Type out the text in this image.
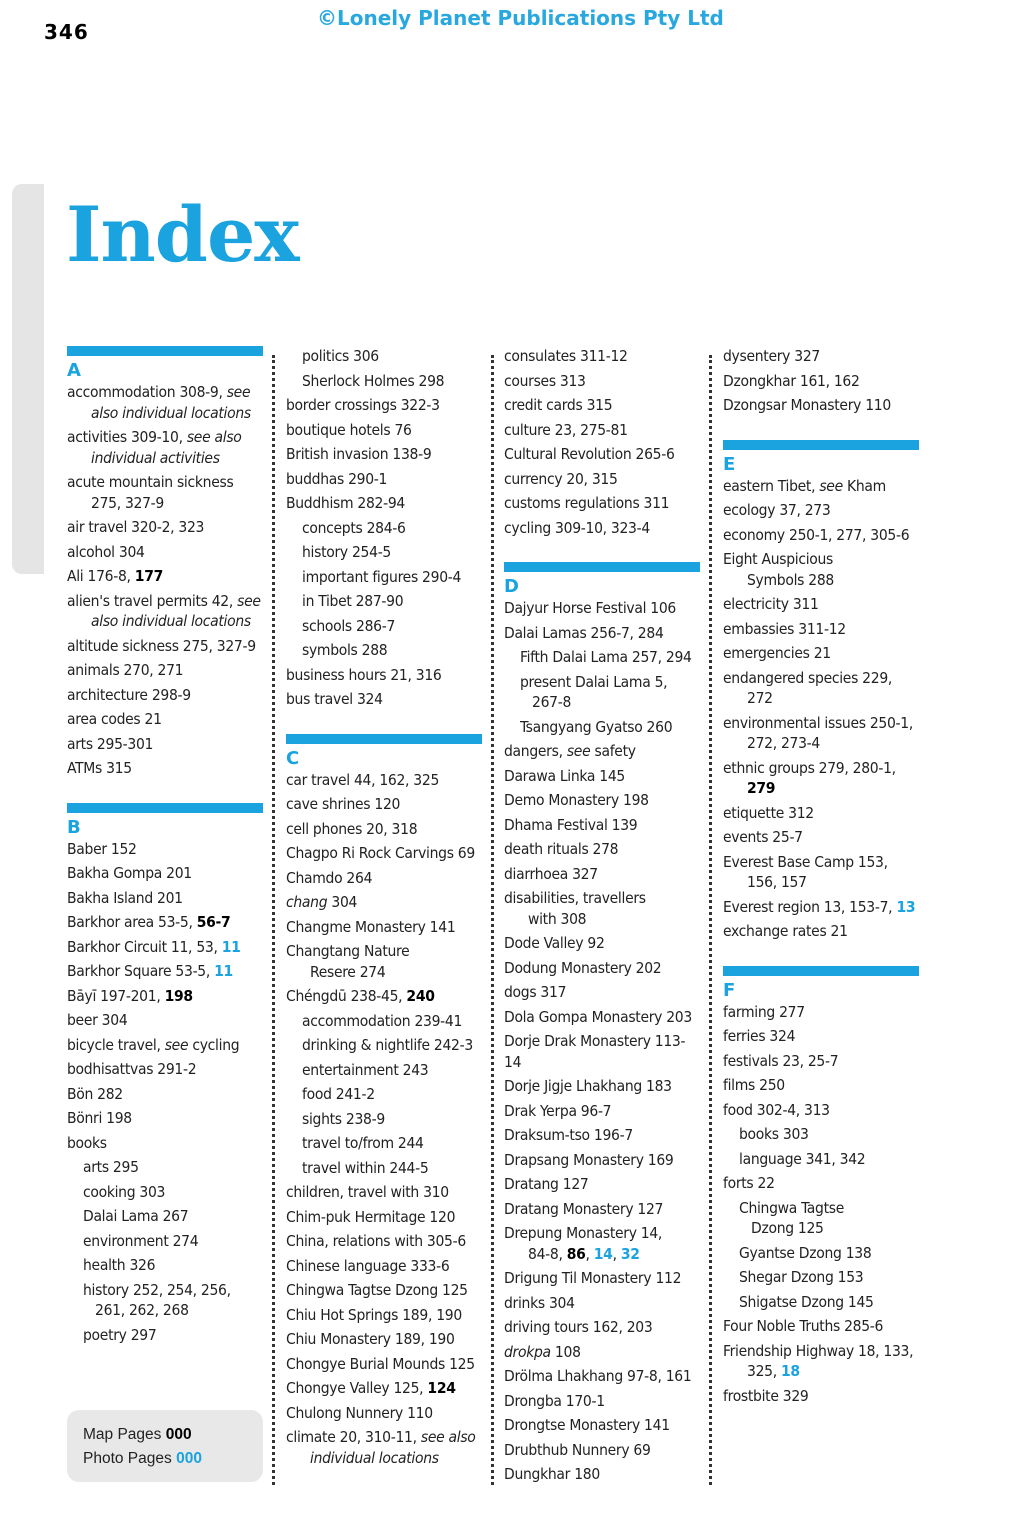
346
©Lonely Planet Publications Pty Ltd
Index
A
accommodation 308-9, see
also individual locations
activities 309-10, see also
individual activities
acute mountain sickness
275, 327-9
air travel 320-2, 323
alcohol 304
Ali 176-8, 177
alien's travel permits 42, see
also individual locations
altitude sickness 275, 327-9
animals 270, 271
architecture 298-9
area codes 21
arts 295-301
ATMs 315
B
Baber 152
Bakha Gompa 201
Bakha Island 201
Barkhor area 53-5, 56-7
Barkhor Circuit 11, 53, 11
Barkhor Square 53-5, 11
Bāyī 197-201, 198
beer 304
bicycle travel, see cycling
bodhisattvas 291-2
Bön 282
Bönri 198
books
arts 295
cooking 303
Dalai Lama 267
environment 274
health 326
history 252, 254, 256,
261, 262, 268
poetry 297
politics 306
Sherlock Holmes 298
border crossings 322-3
boutique hotels 76
British invasion 138-9
buddhas 290-1
Buddhism 282-94
concepts 284-6
history 254-5
important figures 290-4
in Tibet 287-90
schools 286-7
symbols 288
business hours 21, 316
bus travel 324
C
car travel 44, 162, 325
cave shrines 120
cell phones 20, 318
Chagpo Ri Rock Carvings 69
Chamdo 264
chang 304
Changme Monastery 141
Changtang Nature
Resere 274
Chéngdū 238-45, 240
accommodation 239-41
drinking & nightlife 242-3
entertainment 243
food 241-2
sights 238-9
travel to/from 244
travel within 244-5
children, travel with 310
Chim-puk Hermitage 120
China, relations with 305-6
Chinese language 333-6
Chingwa Tagtse Dzong 125
Chiu Hot Springs 189, 190
Chiu Monastery 189, 190
Chongye Burial Mounds 125
Chongye Valley 125, 124
Chulong Nunnery 110
climate 20, 310-11, see also
individual locations
consulates 311-12
courses 313
credit cards 315
culture 23, 275-81
Cultural Revolution 265-6
currency 20, 315
customs regulations 311
cycling 309-10, 323-4
D
Dajyur Horse Festival 106
Dalai Lamas 256-7, 284
Fifth Dalai Lama 257, 294
present Dalai Lama 5,
267-8
Tsangyang Gyatso 260
dangers, see safety
Darawa Linka 145
Demo Monastery 198
Dhama Festival 139
death rituals 278
diarrhoea 327
disabilities, travellers
with 308
Dode Valley 92
Dodung Monastery 202
dogs 317
Dola Gompa Monastery 203
Dorje Drak Monastery 113-14
Dorje Jigje Lhakhang 183
Drak Yerpa 96-7
Draksum-tso 196-7
Drapsang Monastery 169
Dratang 127
Dratang Monastery 127
Drepung Monastery 14,
84-8, 86, 14, 32
Drigung Til Monastery 112
drinks 304
driving tours 162, 203
drokpa 108
Drölma Lhakhang 97-8, 161
Drongba 170-1
Drongtse Monastery 141
Drubthub Nunnery 69
Dungkhar 180
dysentery 327
Dzongkhar 161, 162
Dzongsar Monastery 110
E
eastern Tibet, see Kham
ecology 37, 273
economy 250-1, 277, 305-6
Eight Auspicious
Symbols 288
electricity 311
embassies 311-12
emergencies 21
endangered species 229,
272
environmental issues 250-1,
272, 273-4
ethnic groups 279, 280-1,
279
etiquette 312
events 25-7
Everest Base Camp 153,
156, 157
Everest region 13, 153-7, 13
exchange rates 21
F
farming 277
ferries 324
festivals 23, 25-7
films 250
food 302-4, 313
books 303
language 341, 342
forts 22
Chingwa Tagtse
Dzong 125
Gyantse Dzong 138
Shegar Dzong 153
Shigatse Dzong 145
Four Noble Truths 285-6
Friendship Highway 18, 133,
325, 18
frostbite 329
Map Pages 000
Photo Pages 000
